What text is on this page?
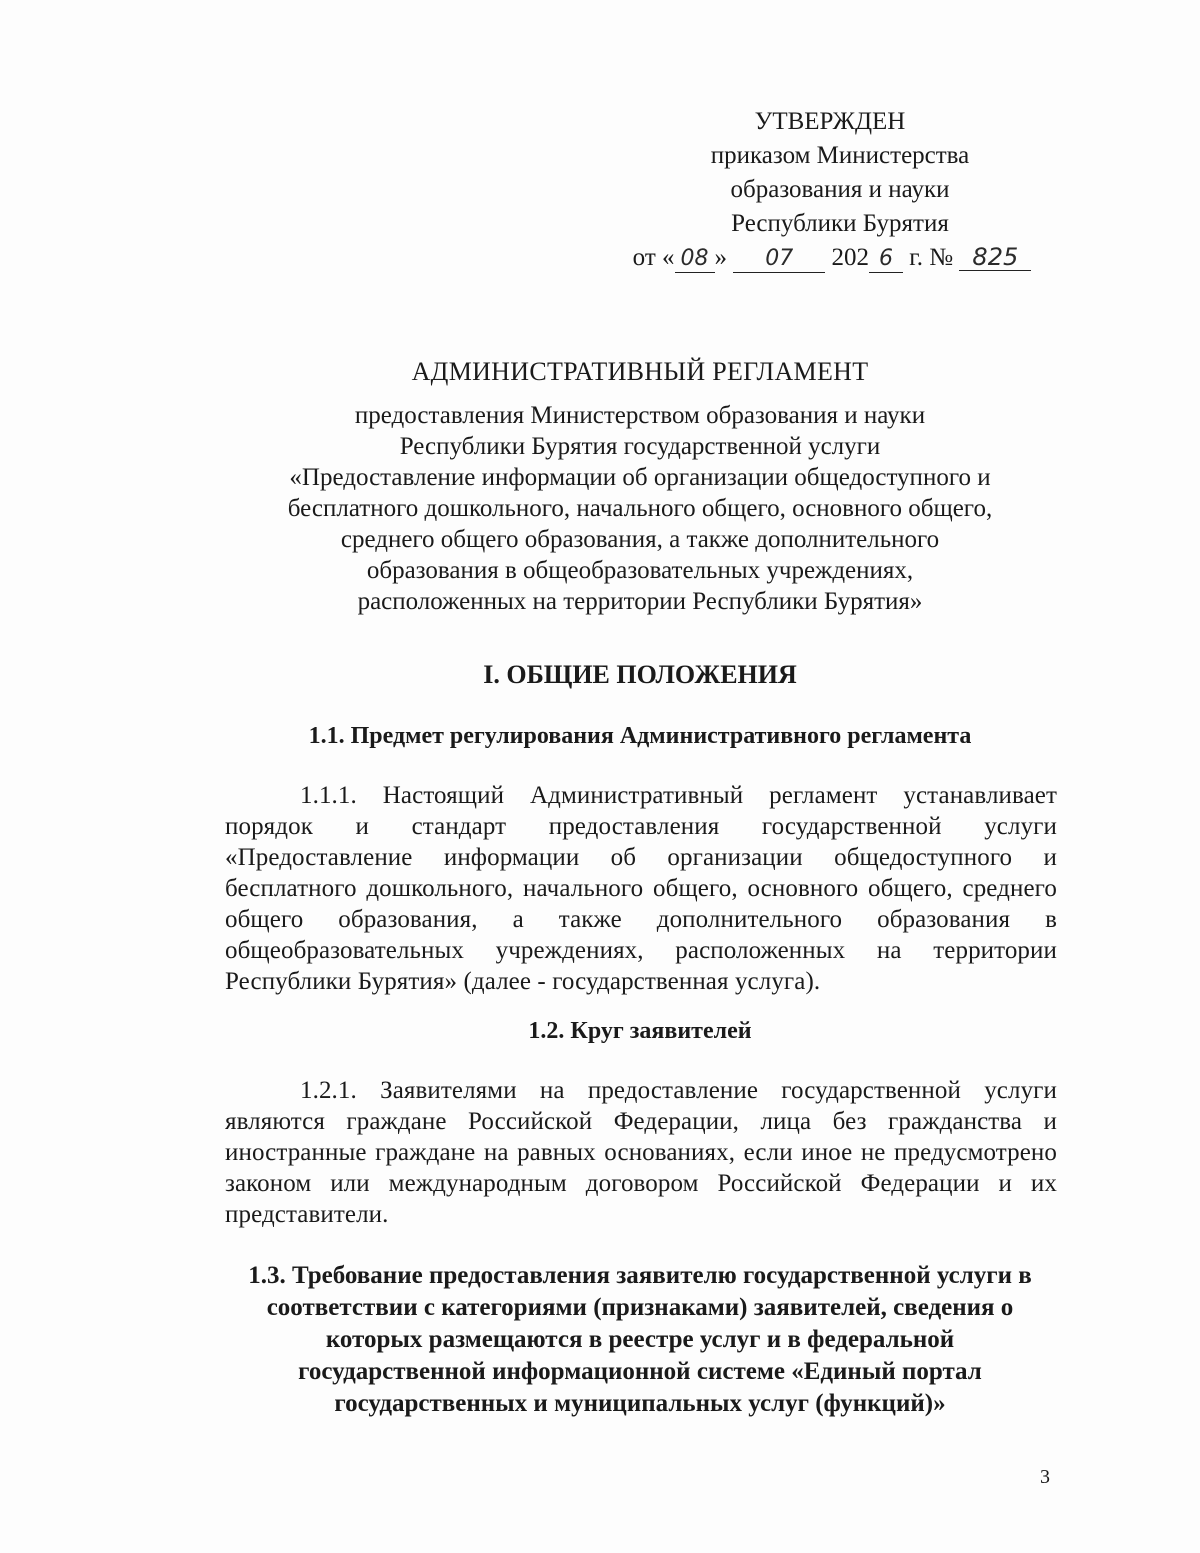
УТВЕРЖДЕН
приказом Министерства
образования и науки
Республики Бурятия
от « 08 » 07 202 6 г. № 825
АДМИНИСТРАТИВНЫЙ РЕГЛАМЕНТ
предоставления Министерством образования и науки
Республики Бурятия государственной услуги
«Предоставление информации об организации общедоступного и
бесплатного дошкольного, начального общего, основного общего,
среднего общего образования, а также дополнительного
образования в общеобразовательных учреждениях,
расположенных на территории Республики Бурятия»
I. ОБЩИЕ ПОЛОЖЕНИЯ
1.1. Предмет регулирования Административного регламента
1.1.1. Настоящий Административный регламент устанавливает порядок и стандарт предоставления государственной услуги «Предоставление информации об организации общедоступного и бесплатного дошкольного, начального общего, основного общего, среднего общего образования, а также дополнительного образования в общеобразовательных учреждениях, расположенных на территории Республики Бурятия» (далее - государственная услуга).
1.2. Круг заявителей
1.2.1. Заявителями на предоставление государственной услуги являются граждане Российской Федерации, лица без гражданства и иностранные граждане на равных основаниях, если иное не предусмотрено законом или международным договором Российской Федерации и их представители.
1.3. Требование предоставления заявителю государственной услуги в
соответствии с категориями (признаками) заявителей, сведения о
которых размещаются в реестре услуг и в федеральной
государственной информационной системе «Единый портал
государственных и муниципальных услуг (функций)»
3
